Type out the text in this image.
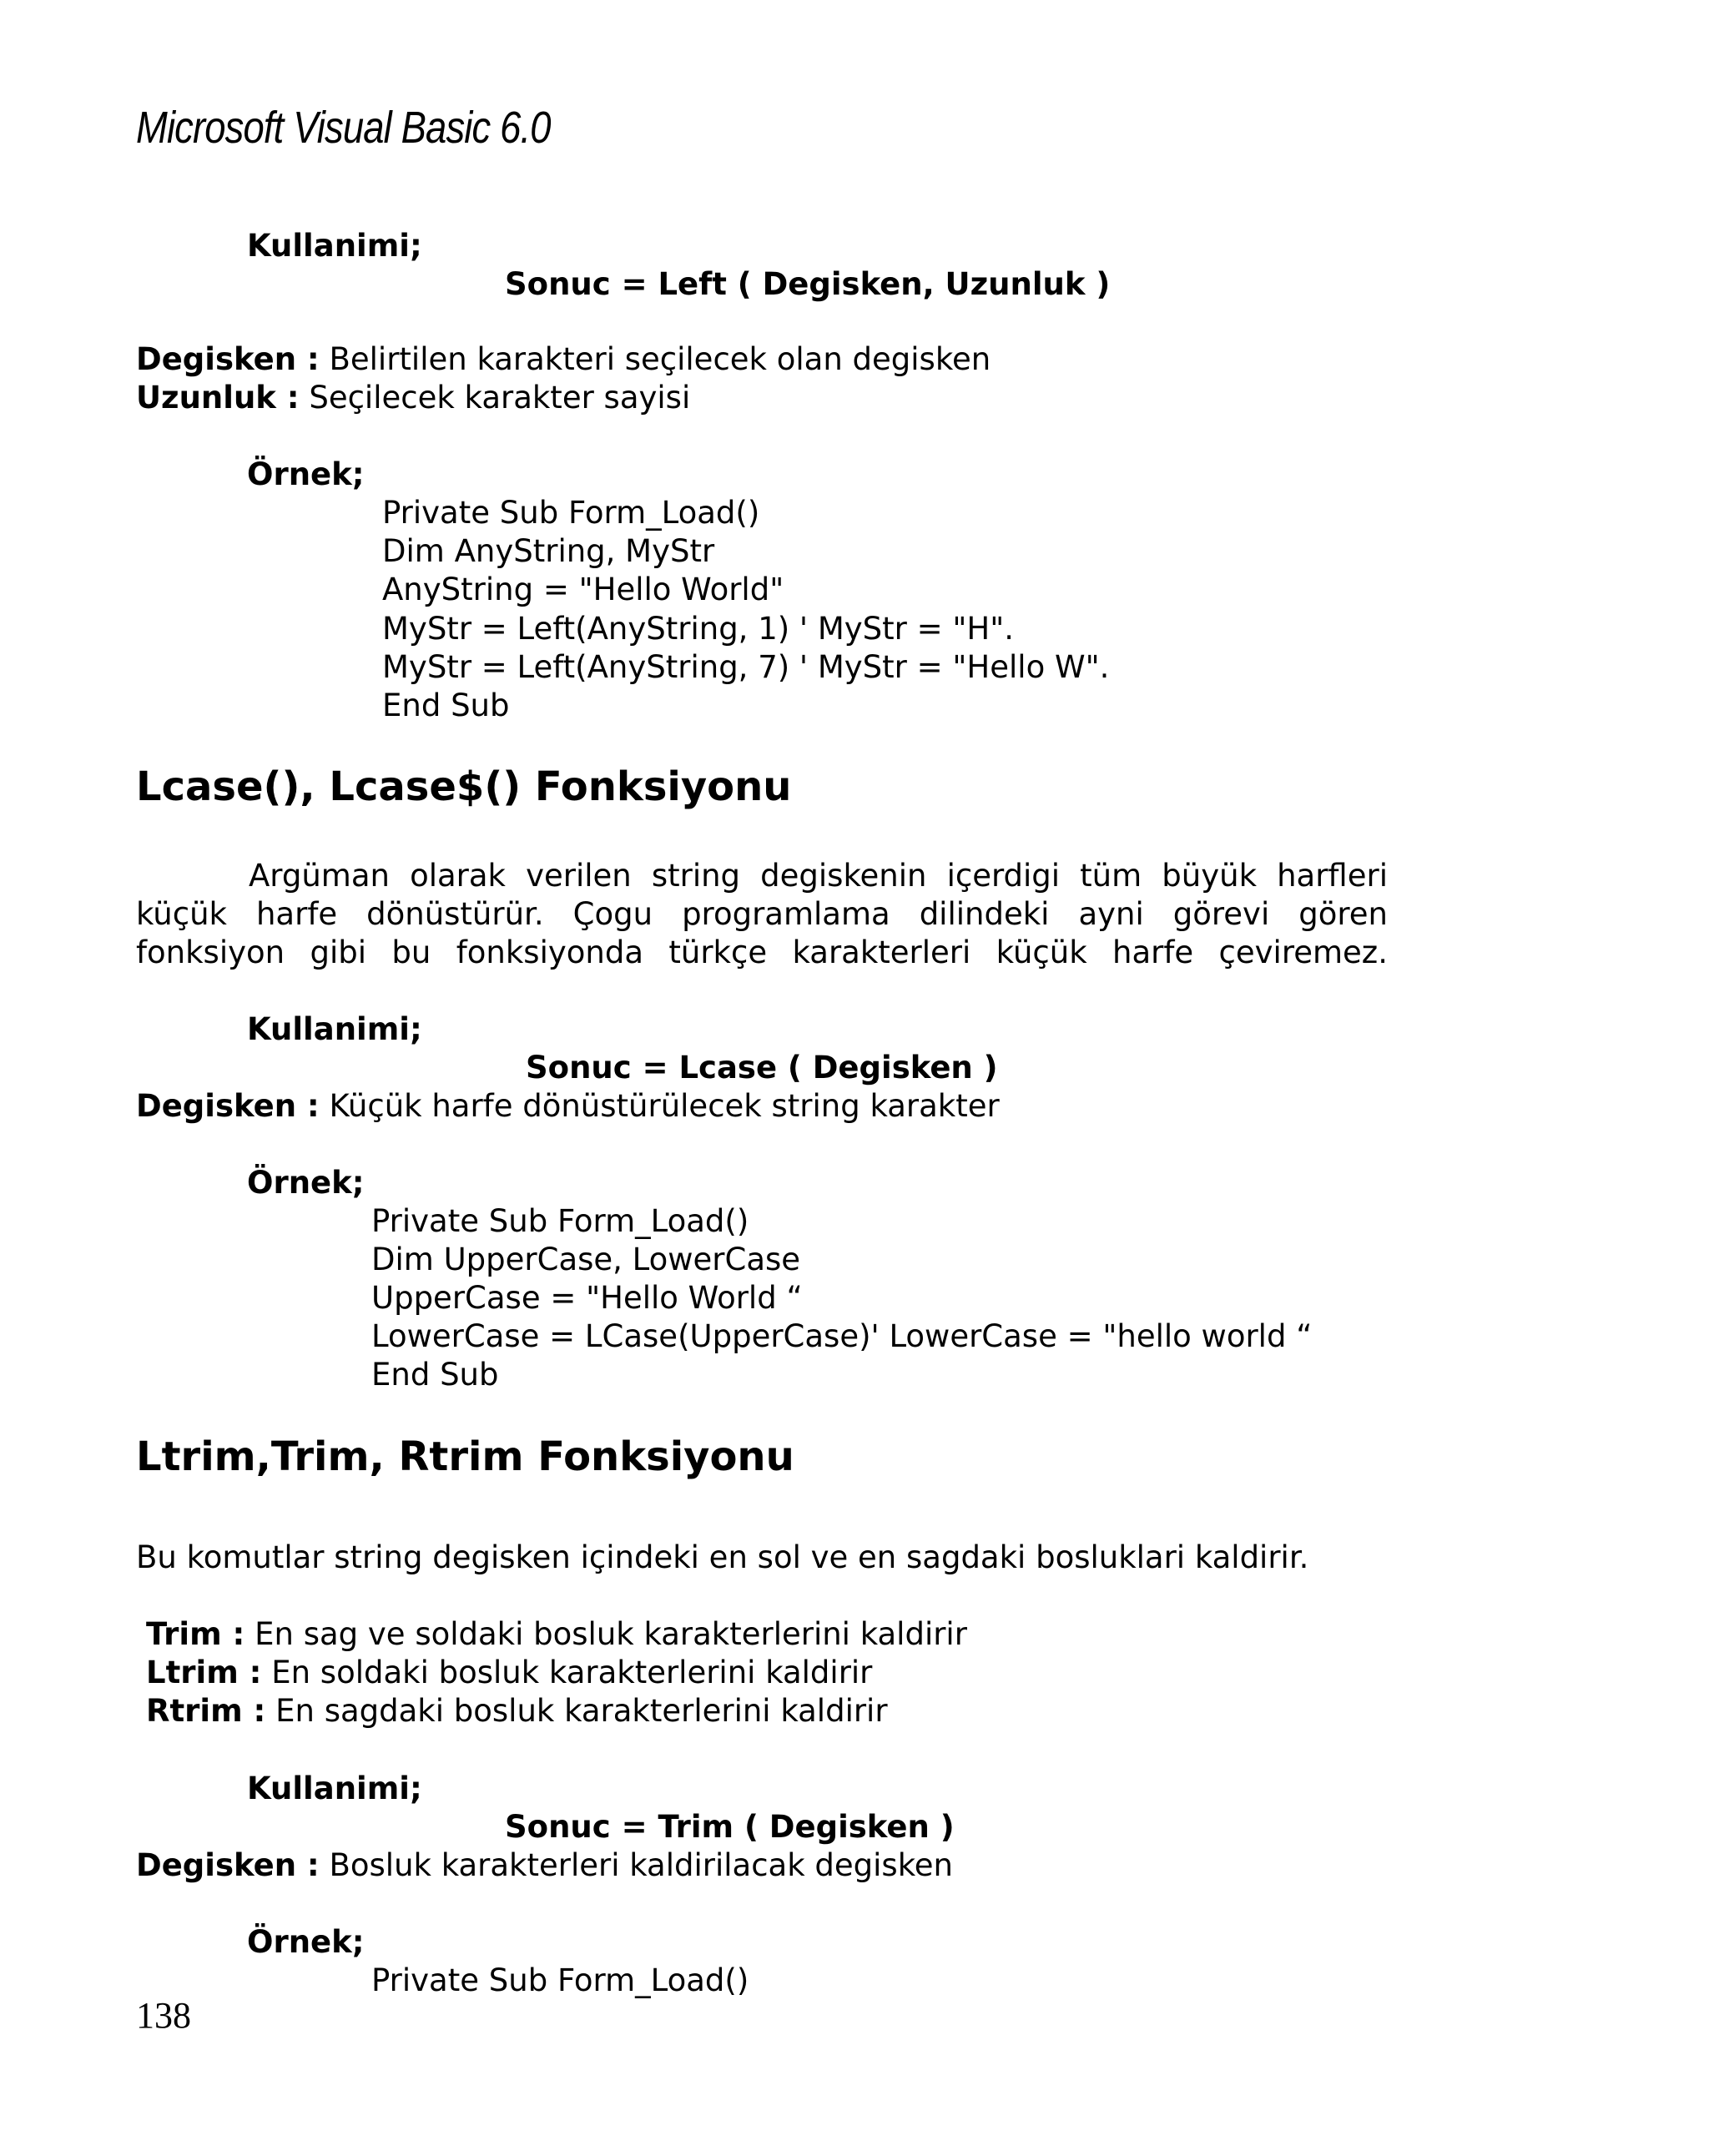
Microsoft Visual Basic 6.0
Kullanimi;
Sonuc = Left ( Degisken, Uzunluk )
Degisken : Belirtilen karakteri seçilecek olan degisken
Uzunluk : Seçilecek karakter sayisi
Örnek;
Private Sub Form_Load()
Dim AnyString, MyStr
AnyString = "Hello World"
MyStr = Left(AnyString, 1) ' MyStr = "H".
MyStr = Left(AnyString, 7) ' MyStr = "Hello W".
End Sub
Lcase(), Lcase$() Fonksiyonu
Argüman olarak verilen string degiskenin içerdigi tüm büyük harfleri
küçük harfe dönüstürür. Çogu programlama dilindeki ayni görevi gören
fonksiyon gibi bu fonksiyonda türkçe karakterleri küçük harfe çeviremez.
Kullanimi;
Sonuc = Lcase ( Degisken )
Degisken : Küçük harfe dönüstürülecek string karakter
Örnek;
Private Sub Form_Load()
Dim UpperCase, LowerCase
UpperCase = "Hello World “
LowerCase = LCase(UpperCase)' LowerCase = "hello world “
End Sub
Ltrim,Trim, Rtrim Fonksiyonu
Bu komutlar string degisken içindeki en sol ve en sagdaki bosluklari kaldirir.
Trim : En sag ve soldaki bosluk karakterlerini kaldirir
Ltrim : En soldaki bosluk karakterlerini kaldirir
Rtrim : En sagdaki bosluk karakterlerini kaldirir
Kullanimi;
Sonuc = Trim ( Degisken )
Degisken : Bosluk karakterleri kaldirilacak degisken
Örnek;
Private Sub Form_Load()
138
